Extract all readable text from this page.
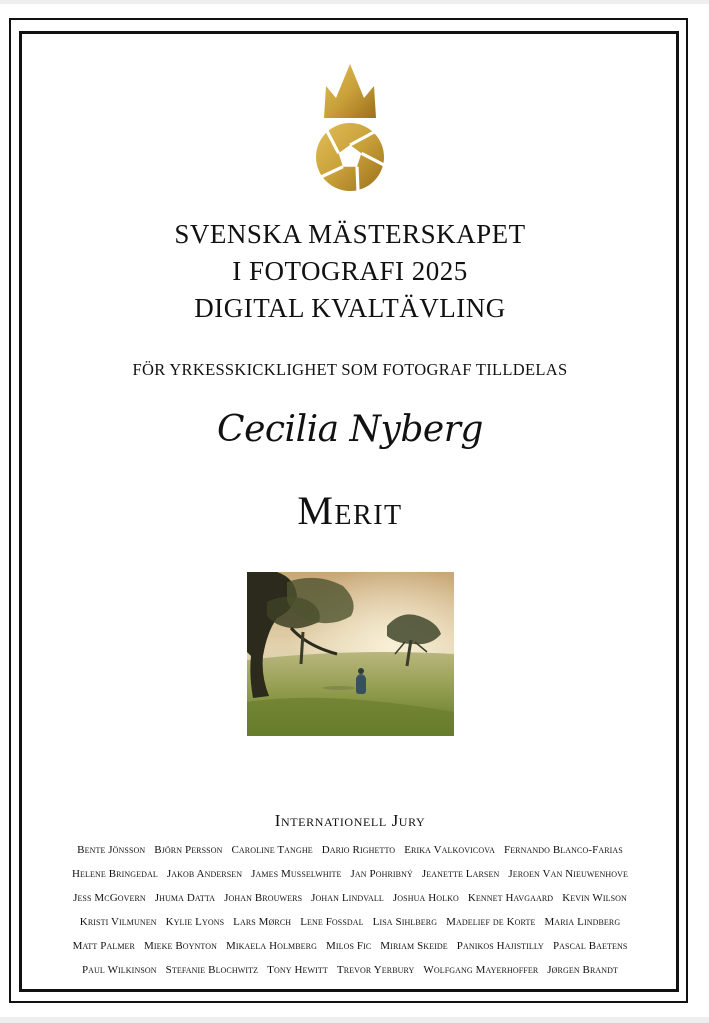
SVENSKA MÄSTERSKAPET
I FOTOGRAFI 2025
DIGITAL KVALTÄVLING
FÖR YRKESSKICKLIGHET SOM FOTOGRAF TILLDELAS
Cecilia Nyberg
Merit
Internationell Jury
Bente Jönsson Björn Persson Caroline Tanghe Dario Righetto Erika Valkovicova Fernando Blanco-Farias
Helene Bringedal Jakob Andersen James Musselwhite Jan Pohribný Jeanette Larsen Jeroen Van Nieuwenhove
Jess McGovern Jhuma Datta Johan Brouwers Johan Lindvall Joshua Holko Kennet Havgaard Kevin Wilson
Kristi Vilmunen Kylie Lyons Lars Mørch Lene Fossdal Lisa Sihlberg Madelief de Korte Maria Lindberg
Matt Palmer Mieke Boynton Mikaela Holmberg Milos Fic Miriam Skeide Panikos Hajistilly Pascal Baetens
Paul Wilkinson Stefanie Blochwitz Tony Hewitt Trevor Yerbury Wolfgang Mayerhoffer Jørgen Brandt
